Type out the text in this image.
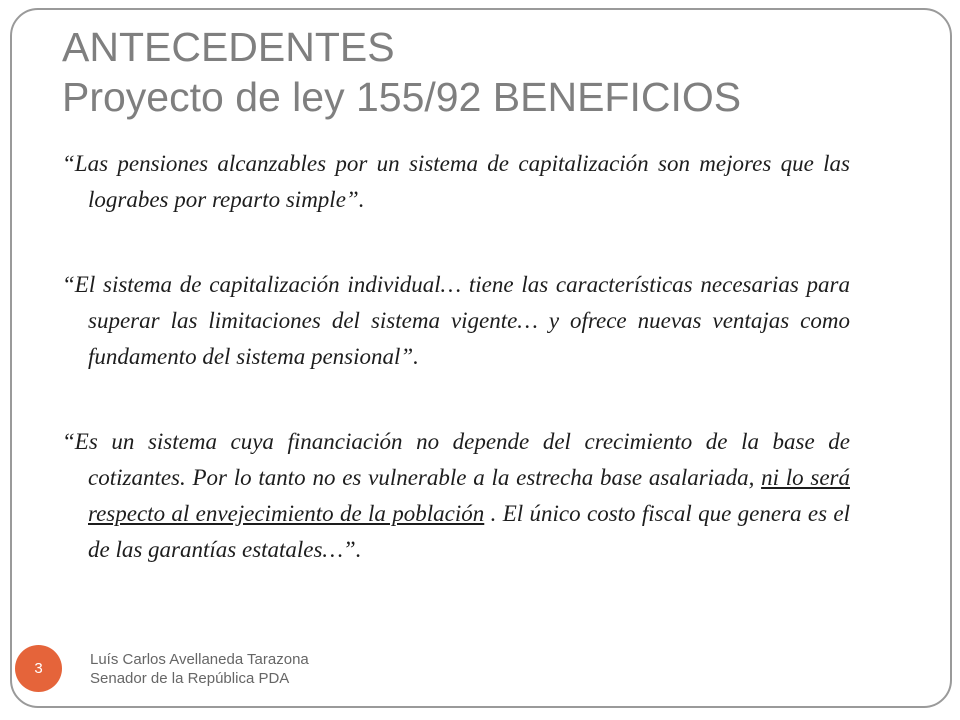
ANTECEDENTES
Proyecto de ley 155/92 BENEFICIOS

“Las pensiones alcanzables por un sistema de capitalización son mejores que las lograbes por reparto simple”.

“El sistema de capitalización individual… tiene las características necesarias para superar las limitaciones del sistema vigente… y ofrece nuevas ventajas como fundamento del sistema pensional”.

“Es un sistema cuya financiación no depende del crecimiento de la base de cotizantes. Por lo tanto no es vulnerable a la estrecha base asalariada, ni lo será respecto al envejecimiento de la población . El único costo fiscal que genera es el de las garantías estatales…”.

3
Luís Carlos Avellaneda Tarazona
Senador de la República PDA
